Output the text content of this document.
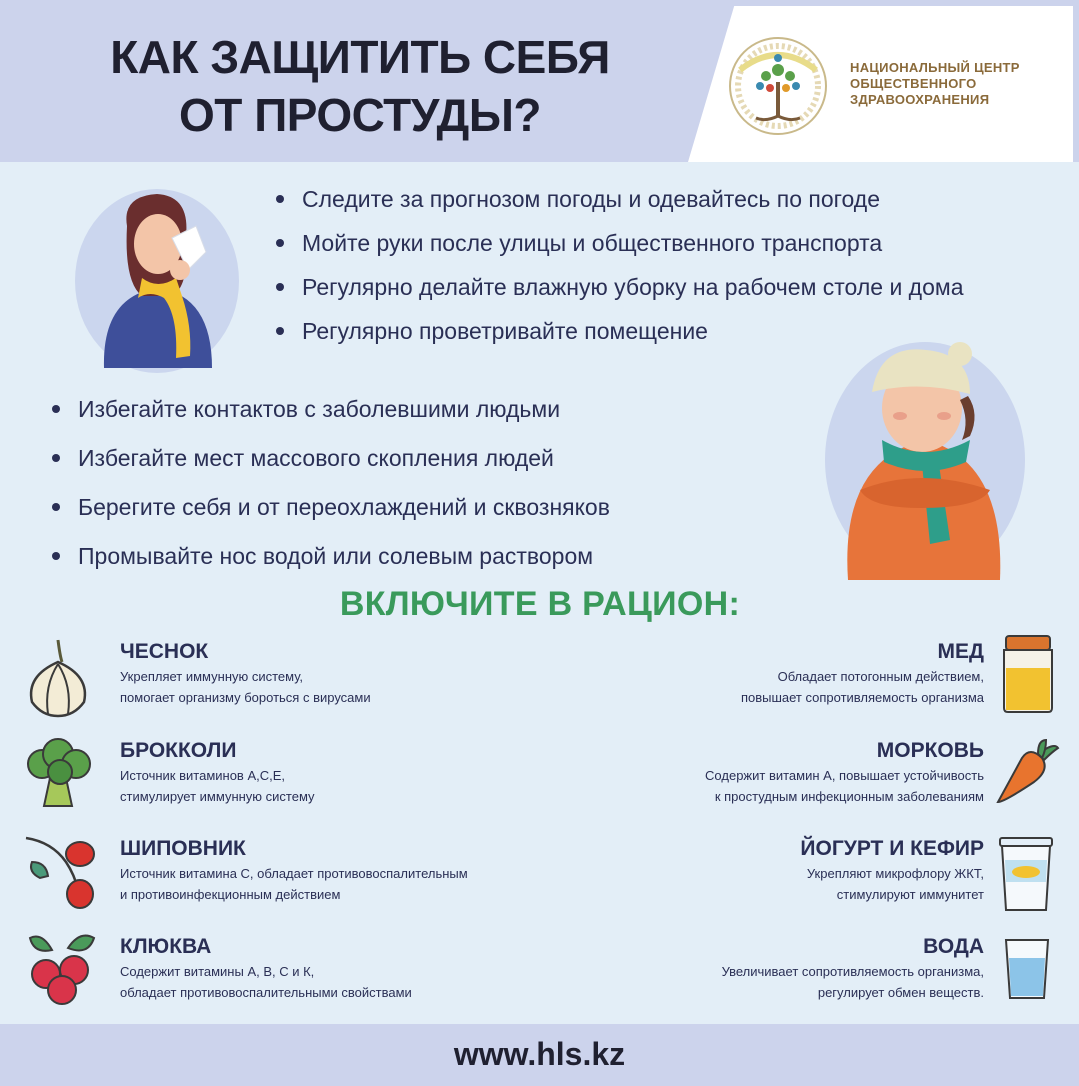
КАК ЗАЩИТИТЬ СЕБЯ
ОТ ПРОСТУДЫ?
НАЦИОНАЛЬНЫЙ ЦЕНТР
ОБЩЕСТВЕННОГО
ЗДРАВООХРАНЕНИЯ
Следите за прогнозом погоды и одевайтесь по погоде
Мойте руки после улицы и общественного транспорта
Регулярно делайте влажную уборку на рабочем столе и дома
Регулярно проветривайте помещение
Избегайте контактов с заболевшими людьми
Избегайте мест массового скопления людей
Берегите себя и от переохлаждений и сквозняков
Промывайте нос водой или солевым раствором
ВКЛЮЧИТЕ В РАЦИОН:
ЧЕСНОК
Укрепляет иммунную систему,
помогает организму бороться с вирусами
БРОККОЛИ
Источник витаминов А,С,Е,
стимулирует иммунную систему
ШИПОВНИК
Источник витамина С, обладает противовоспалительным
и противоинфекционным действием
КЛЮКВА
Содержит витамины А, В, С и К,
обладает противовоспалительными свойствами
МЕД
Обладает потогонным действием,
повышает сопротивляемость организма
МОРКОВЬ
Содержит витамин А, повышает устойчивость
к простудным инфекционным заболеваниям
ЙОГУРТ И КЕФИР
Укрепляют микрофлору ЖКТ,
стимулируют иммунитет
ВОДА
Увеличивает сопротивляемость организма,
регулирует обмен веществ.
www.hls.kz
